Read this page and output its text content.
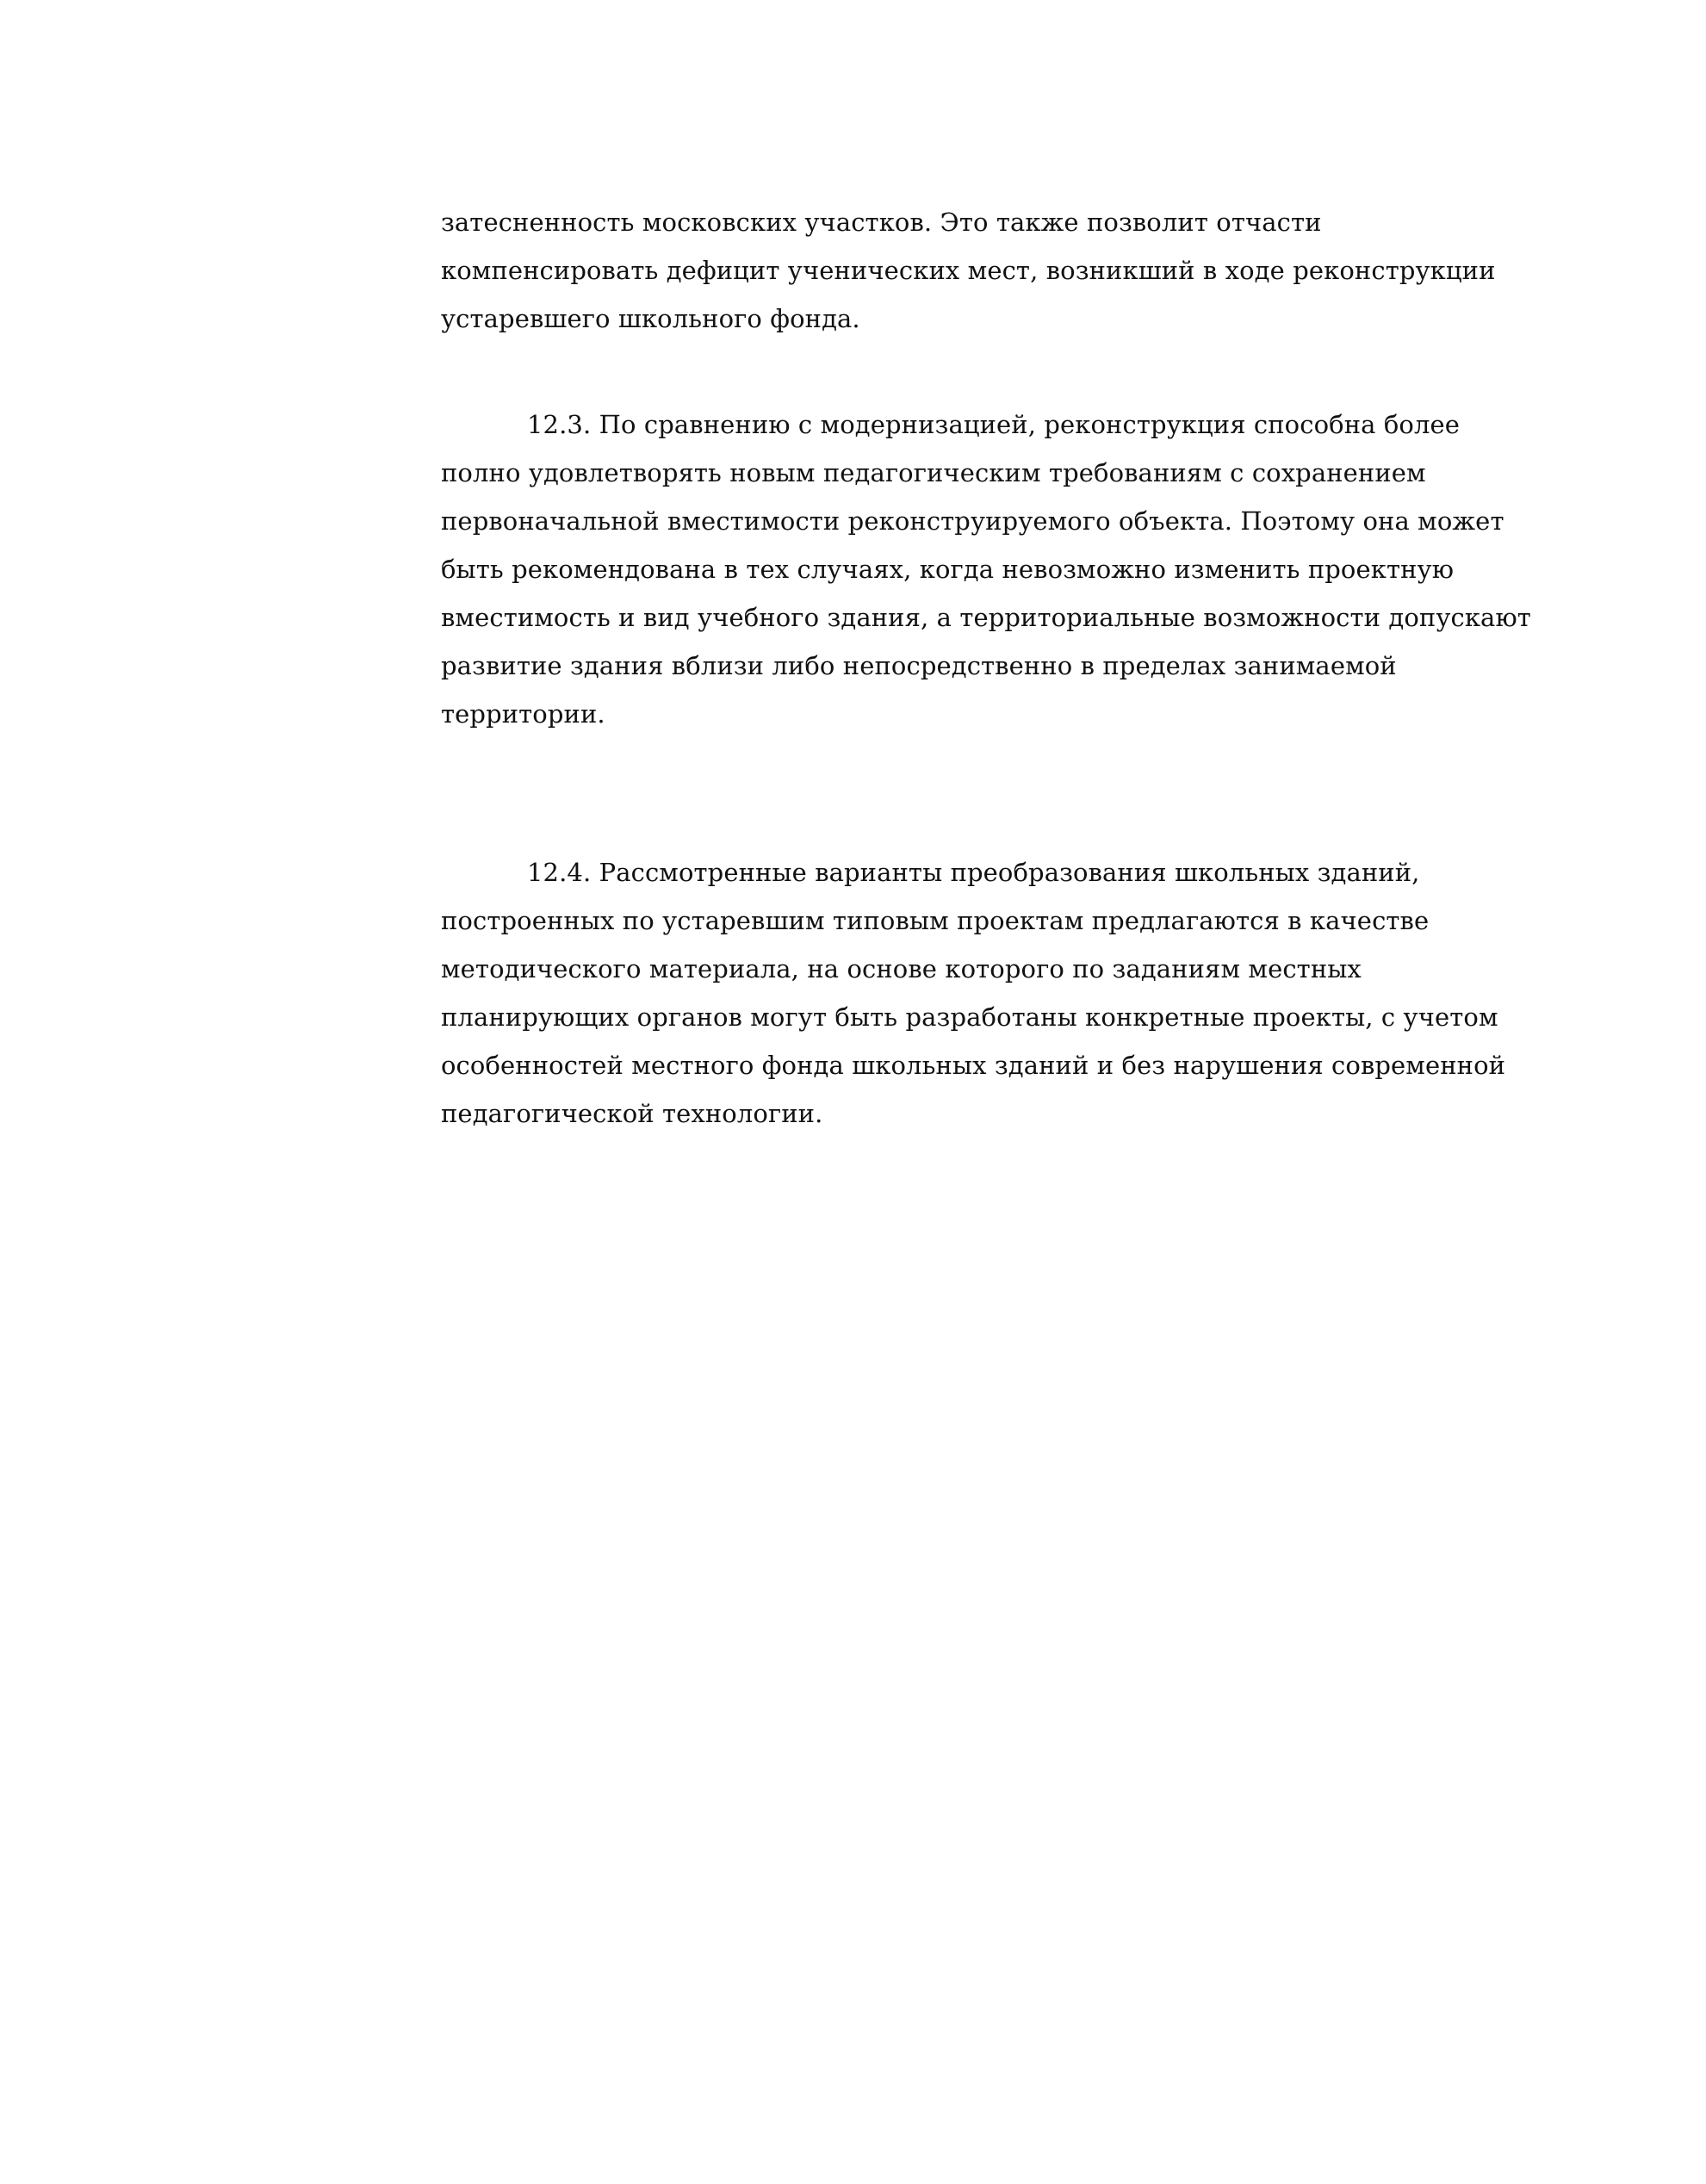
затесненность московских участков. Это также позволит отчасти
компенсировать дефицит ученических мест, возникший в ходе реконструкции
устаревшего школьного фонда.

12.3. По сравнению с модернизацией, реконструкция способна более
полно удовлетворять новым педагогическим требованиям с сохранением
первоначальной вместимости реконструируемого объекта. Поэтому она может
быть рекомендована в тех случаях, когда невозможно изменить проектную
вместимость и вид учебного здания, а территориальные возможности допускают
развитие здания вблизи либо непосредственно в пределах занимаемой
территории.

12.4. Рассмотренные варианты преобразования школьных зданий,
построенных по устаревшим типовым проектам предлагаются в качестве
методического материала, на основе которого по заданиям местных
планирующих органов могут быть разработаны конкретные проекты, с учетом
особенностей местного фонда школьных зданий и без нарушения современной
педагогической технологии.
